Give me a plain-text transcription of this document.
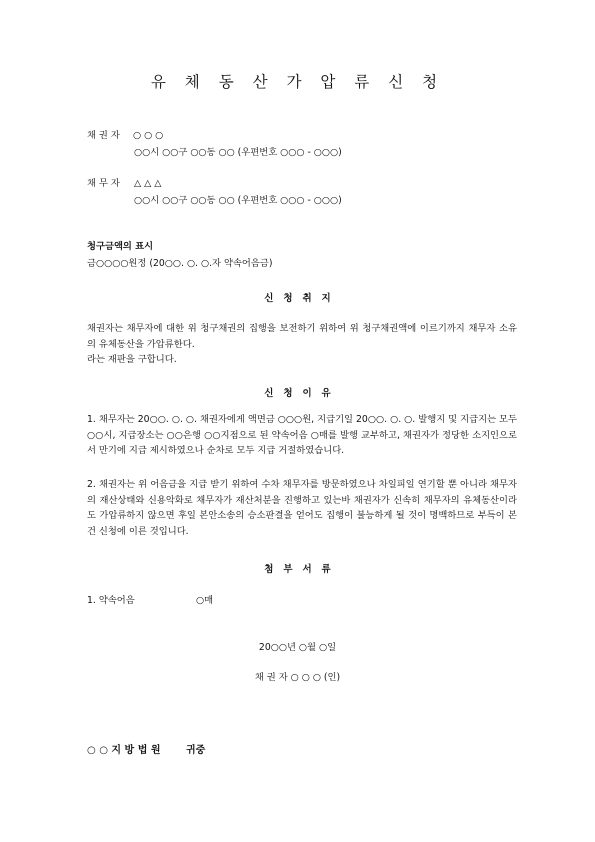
유 체 동 산 가 압 류 신 청
채 권 자 ○ ○ ○
○○시 ○○구 ○○동 ○○ (우편번호 ○○○ - ○○○)
채 무 자 △ △ △
○○시 ○○구 ○○동 ○○ (우편번호 ○○○ - ○○○)
청구금액의 표시
금○○○○원정 (20○○. ○. ○.자 약속어음금)
신   청   취   지
채권자는 채무자에 대한 위 청구채권의 집행을 보전하기 위하여 위 청구채권액에 이르기까지 채무자 소유의 유체동산을 가압류한다.
라는 재판을 구합니다.
신   청   이   유
1. 채무자는 20○○. ○. ○. 채권자에게 액면금 ○○○원, 지급기일 20○○. ○. ○. 발행지 및 지급지는 모두 ○○시, 지급장소는 ○○은행 ○○지점으로 된 약속어음 ○매를 발행 교부하고, 채권자가 정당한 소지인으로서 만기에 지급 제시하였으나 순차로 모두 지급 거절하였습니다.
2. 채권자는 위 어음금을 지급 받기 위하여 수차 채무자를 방문하였으나 차일피일 연기할 뿐 아니라 채무자의 재산상태와 신용악화로 채무자가 재산처분을 진행하고 있는바 채권자가 신속히 채무자의 유체동산이라도 가압류하지 않으면 후일 본안소송의 승소판결을 얻어도 집행이 불능하게 될 것이 명백하므로 부득이 본 건 신청에 이른 것입니다.
첨   부   서   류
1. 약속어음	○매
20○○년 ○월 ○일
채 권 자 ○ ○ ○ (인)
○ ○ 지 방 법 원	귀중
